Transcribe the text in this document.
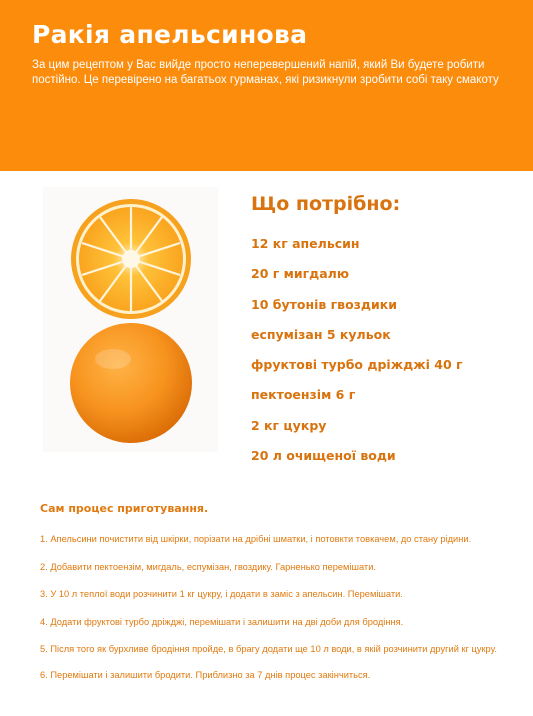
Ракія апельсинова

За цим рецептом у Вас вийде просто неперевершений напій, який Ви будете робити постійно. Це перевірено на багатьох гурманах, які ризикнули зробити собі таку смакоту

Що потрібно:
12 кг апельсин
20 г мигдалю
10 бутонів гвоздики
еспумізан 5 кульок
фруктові турбо дріжджі 40 г
пектоензім 6 г
2 кг цукру
20 л очищеної води
Сам процес приготування.
1. Апельсини почистити від шкірки, порізати на дрібні шматки, і потовкти товкачем, до стану рідини.
2. Добавити пектоензім, мигдаль, еспумізан, гвоздику. Гарненько перемішати.
3. У 10 л теплої води розчинити 1 кг цукру, і додати в заміс з апельсин. Перемішати.
4. Додати фруктові турбо дріжджі, перемішати і залишити на дві доби для бродіння.
5. Після того як бурхливе бродіння пройде, в брагу додати ще 10 л води, в якій розчинити другий кг цукру.
6. Перемішати і залишити бродити. Приблизно за 7 днів процес закінчиться.
